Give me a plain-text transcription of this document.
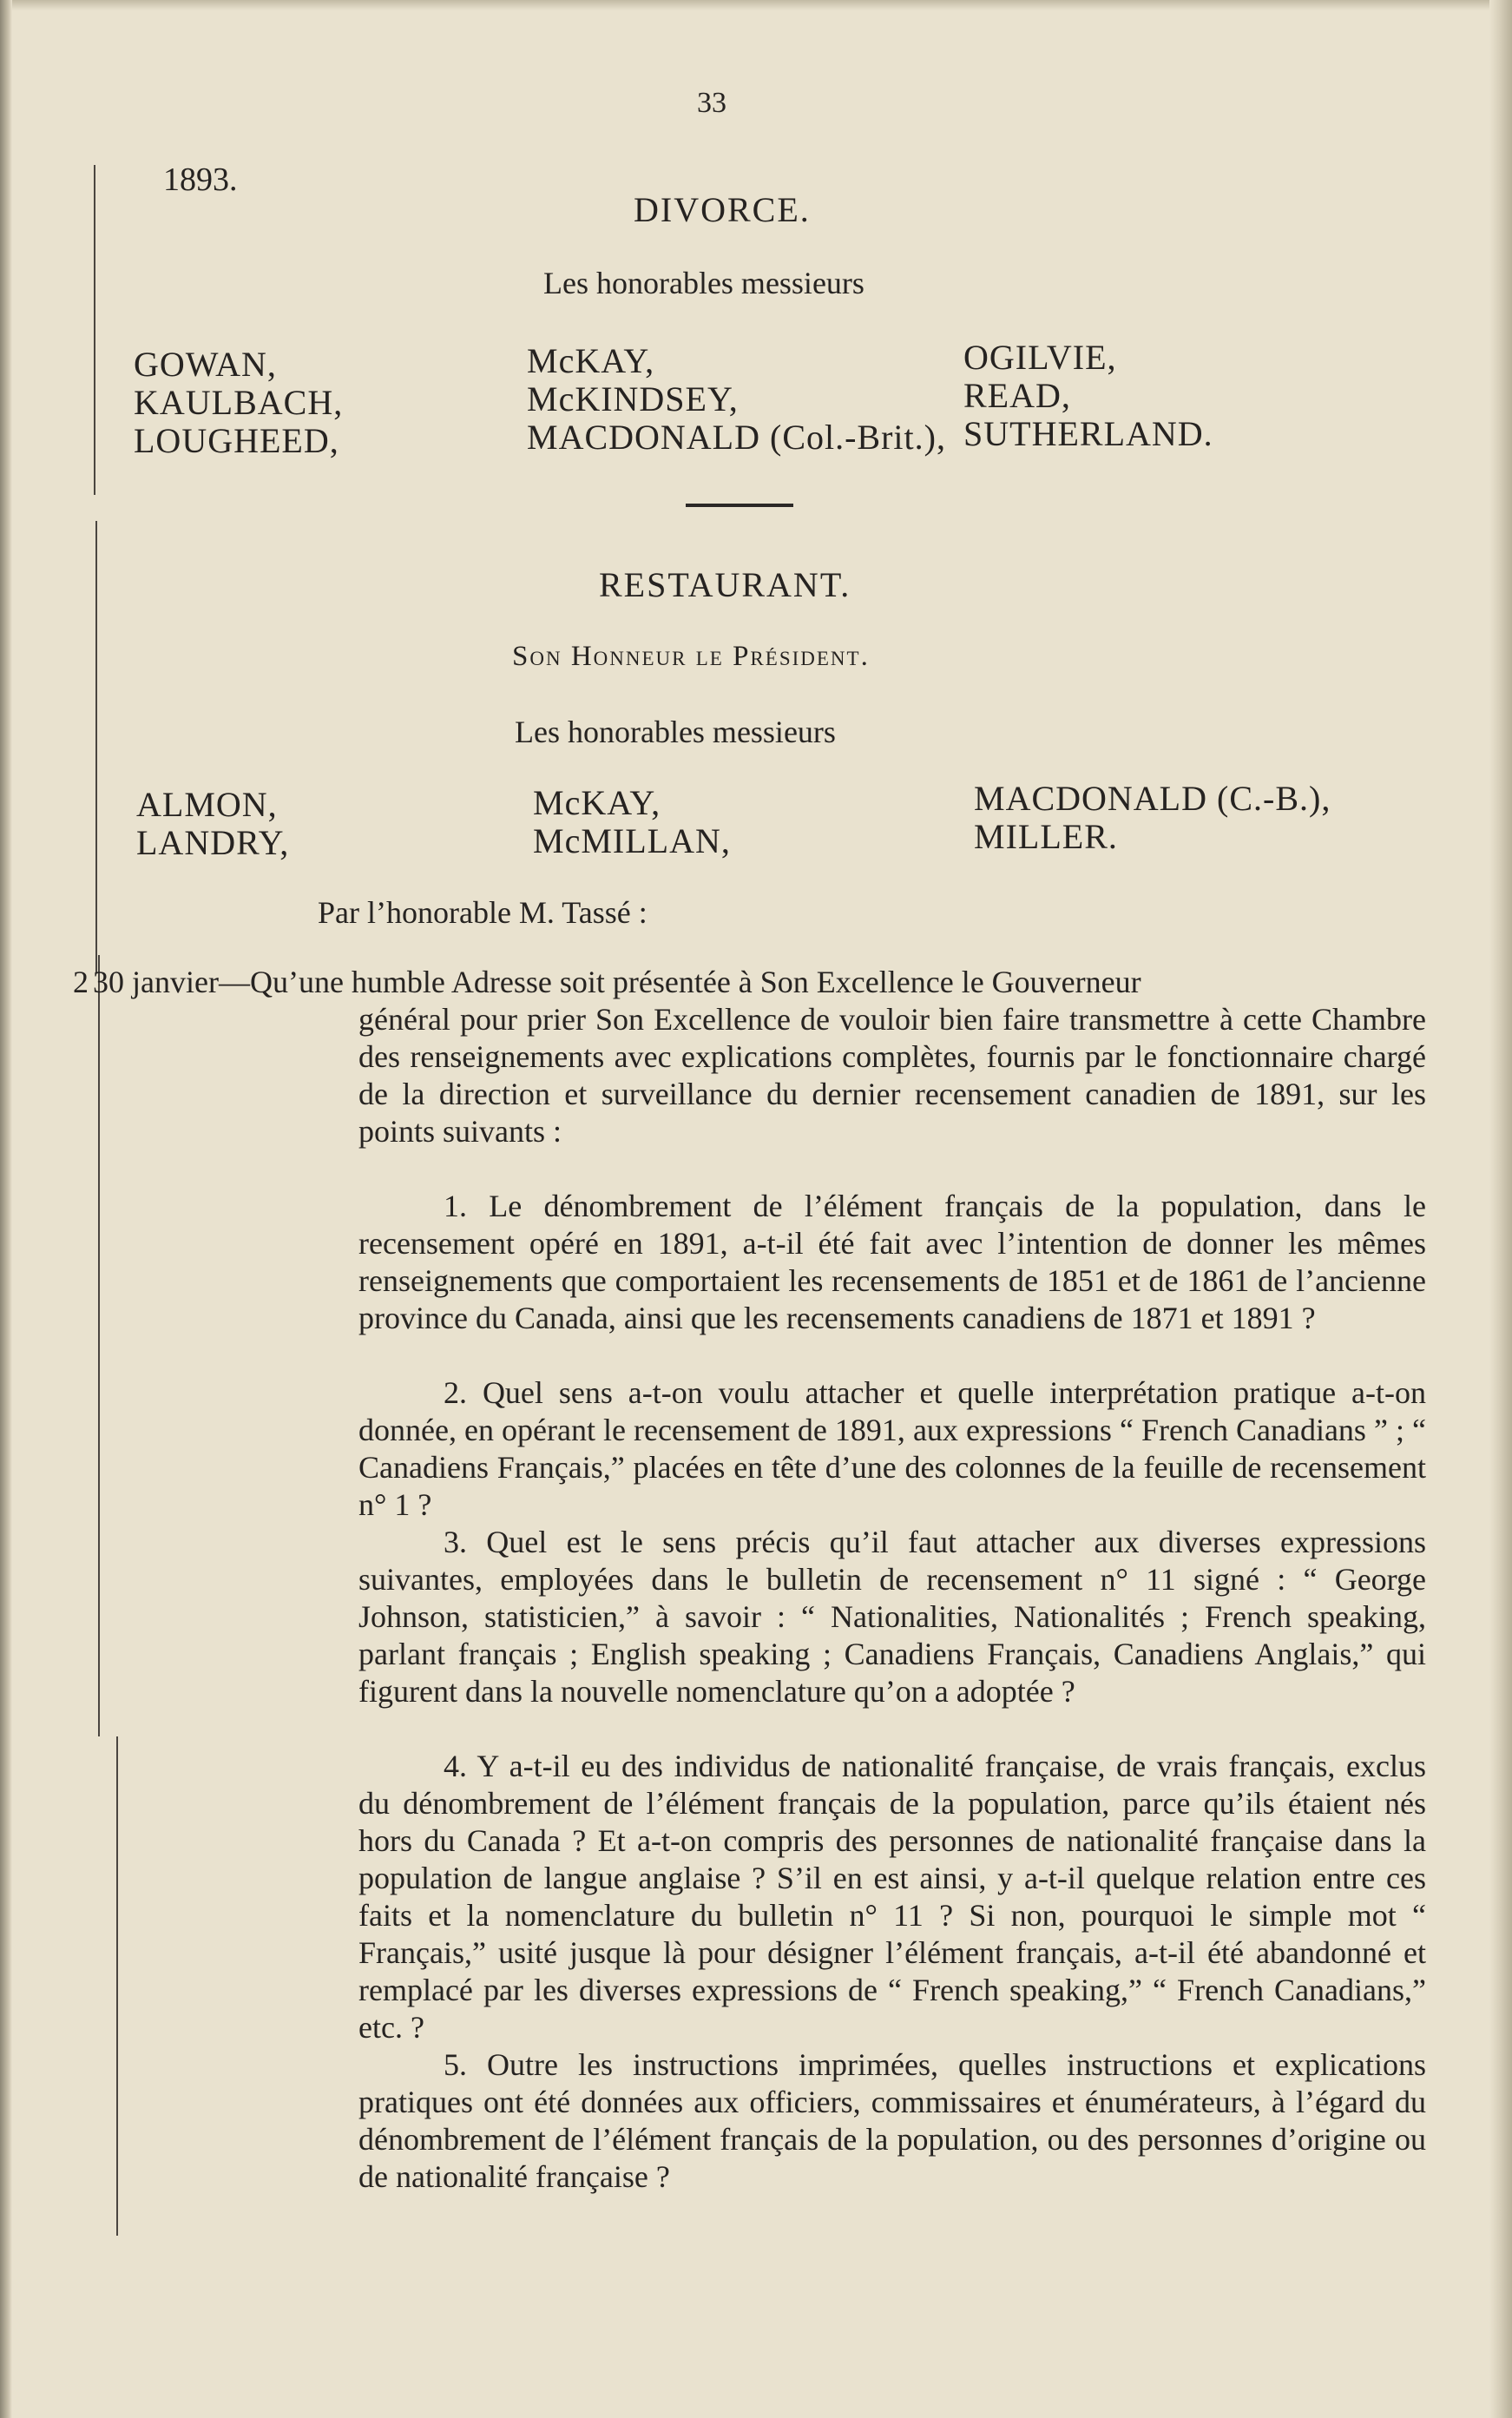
33
1893.
DIVORCE.
Les honorables messieurs
GOWAN,
KAULBACH,
LOUGHEED,
McKAY,
McKINDSEY,
MACDONALD (Col.-Brit.),
OGILVIE,
READ,
SUTHERLAND.
RESTAURANT.
Son Honneur le Président.
Les honorables messieurs
ALMON,
LANDRY,
McKAY,
McMILLAN,
MACDONALD (C.-B.),
MILLER.
Par l’honorable M. Tassé :
2 30 janvier—Qu’une humble Adresse soit présentée à Son Excellence le Gouverneur
général pour prier Son Excellence de vouloir bien faire transmettre à cette Chambre des renseignements avec explications complètes, fournis par le fonctionnaire chargé de la direction et surveillance du dernier recensement canadien de 1891, sur les points suivants :
1. Le dénombrement de l’élément français de la population, dans le recensement opéré en 1891, a-t-il été fait avec l’intention de donner les mêmes renseignements que comportaient les recensements de 1851 et de 1861 de l’ancienne province du Canada, ainsi que les recensements canadiens de 1871 et 1891 ?
2. Quel sens a-t-on voulu attacher et quelle interprétation pratique a-t-on donnée, en opérant le recensement de 1891, aux expressions “ French Canadians ” ; “ Canadiens Français,” placées en tête d’une des colonnes de la feuille de recensement n° 1 ?
3. Quel est le sens précis qu’il faut attacher aux diverses expressions suivantes, employées dans le bulletin de recensement n° 11 signé : “ George Johnson, statisticien,” à savoir : “ Nationalities, Nationalités ; French speaking, parlant français ; English speaking ; Canadiens Français, Canadiens Anglais,” qui figurent dans la nouvelle nomenclature qu’on a adoptée ?
4. Y a-t-il eu des individus de nationalité française, de vrais français, exclus du dénombrement de l’élément français de la population, parce qu’ils étaient nés hors du Canada ? Et a-t-on compris des personnes de nationalité française dans la population de langue anglaise ? S’il en est ainsi, y a-t-il quelque relation entre ces faits et la nomenclature du bulletin n° 11 ? Si non, pourquoi le simple mot “ Français,” usité jusque là pour désigner l’élément français, a-t-il été abandonné et remplacé par les diverses expressions de “ French speaking,” “ French Canadians,” etc. ?
5. Outre les instructions imprimées, quelles instructions et explications pratiques ont été données aux officiers, commissaires et énumérateurs, à l’égard du dénombrement de l’élément français de la population, ou des personnes d’origine ou de nationalité française ?
